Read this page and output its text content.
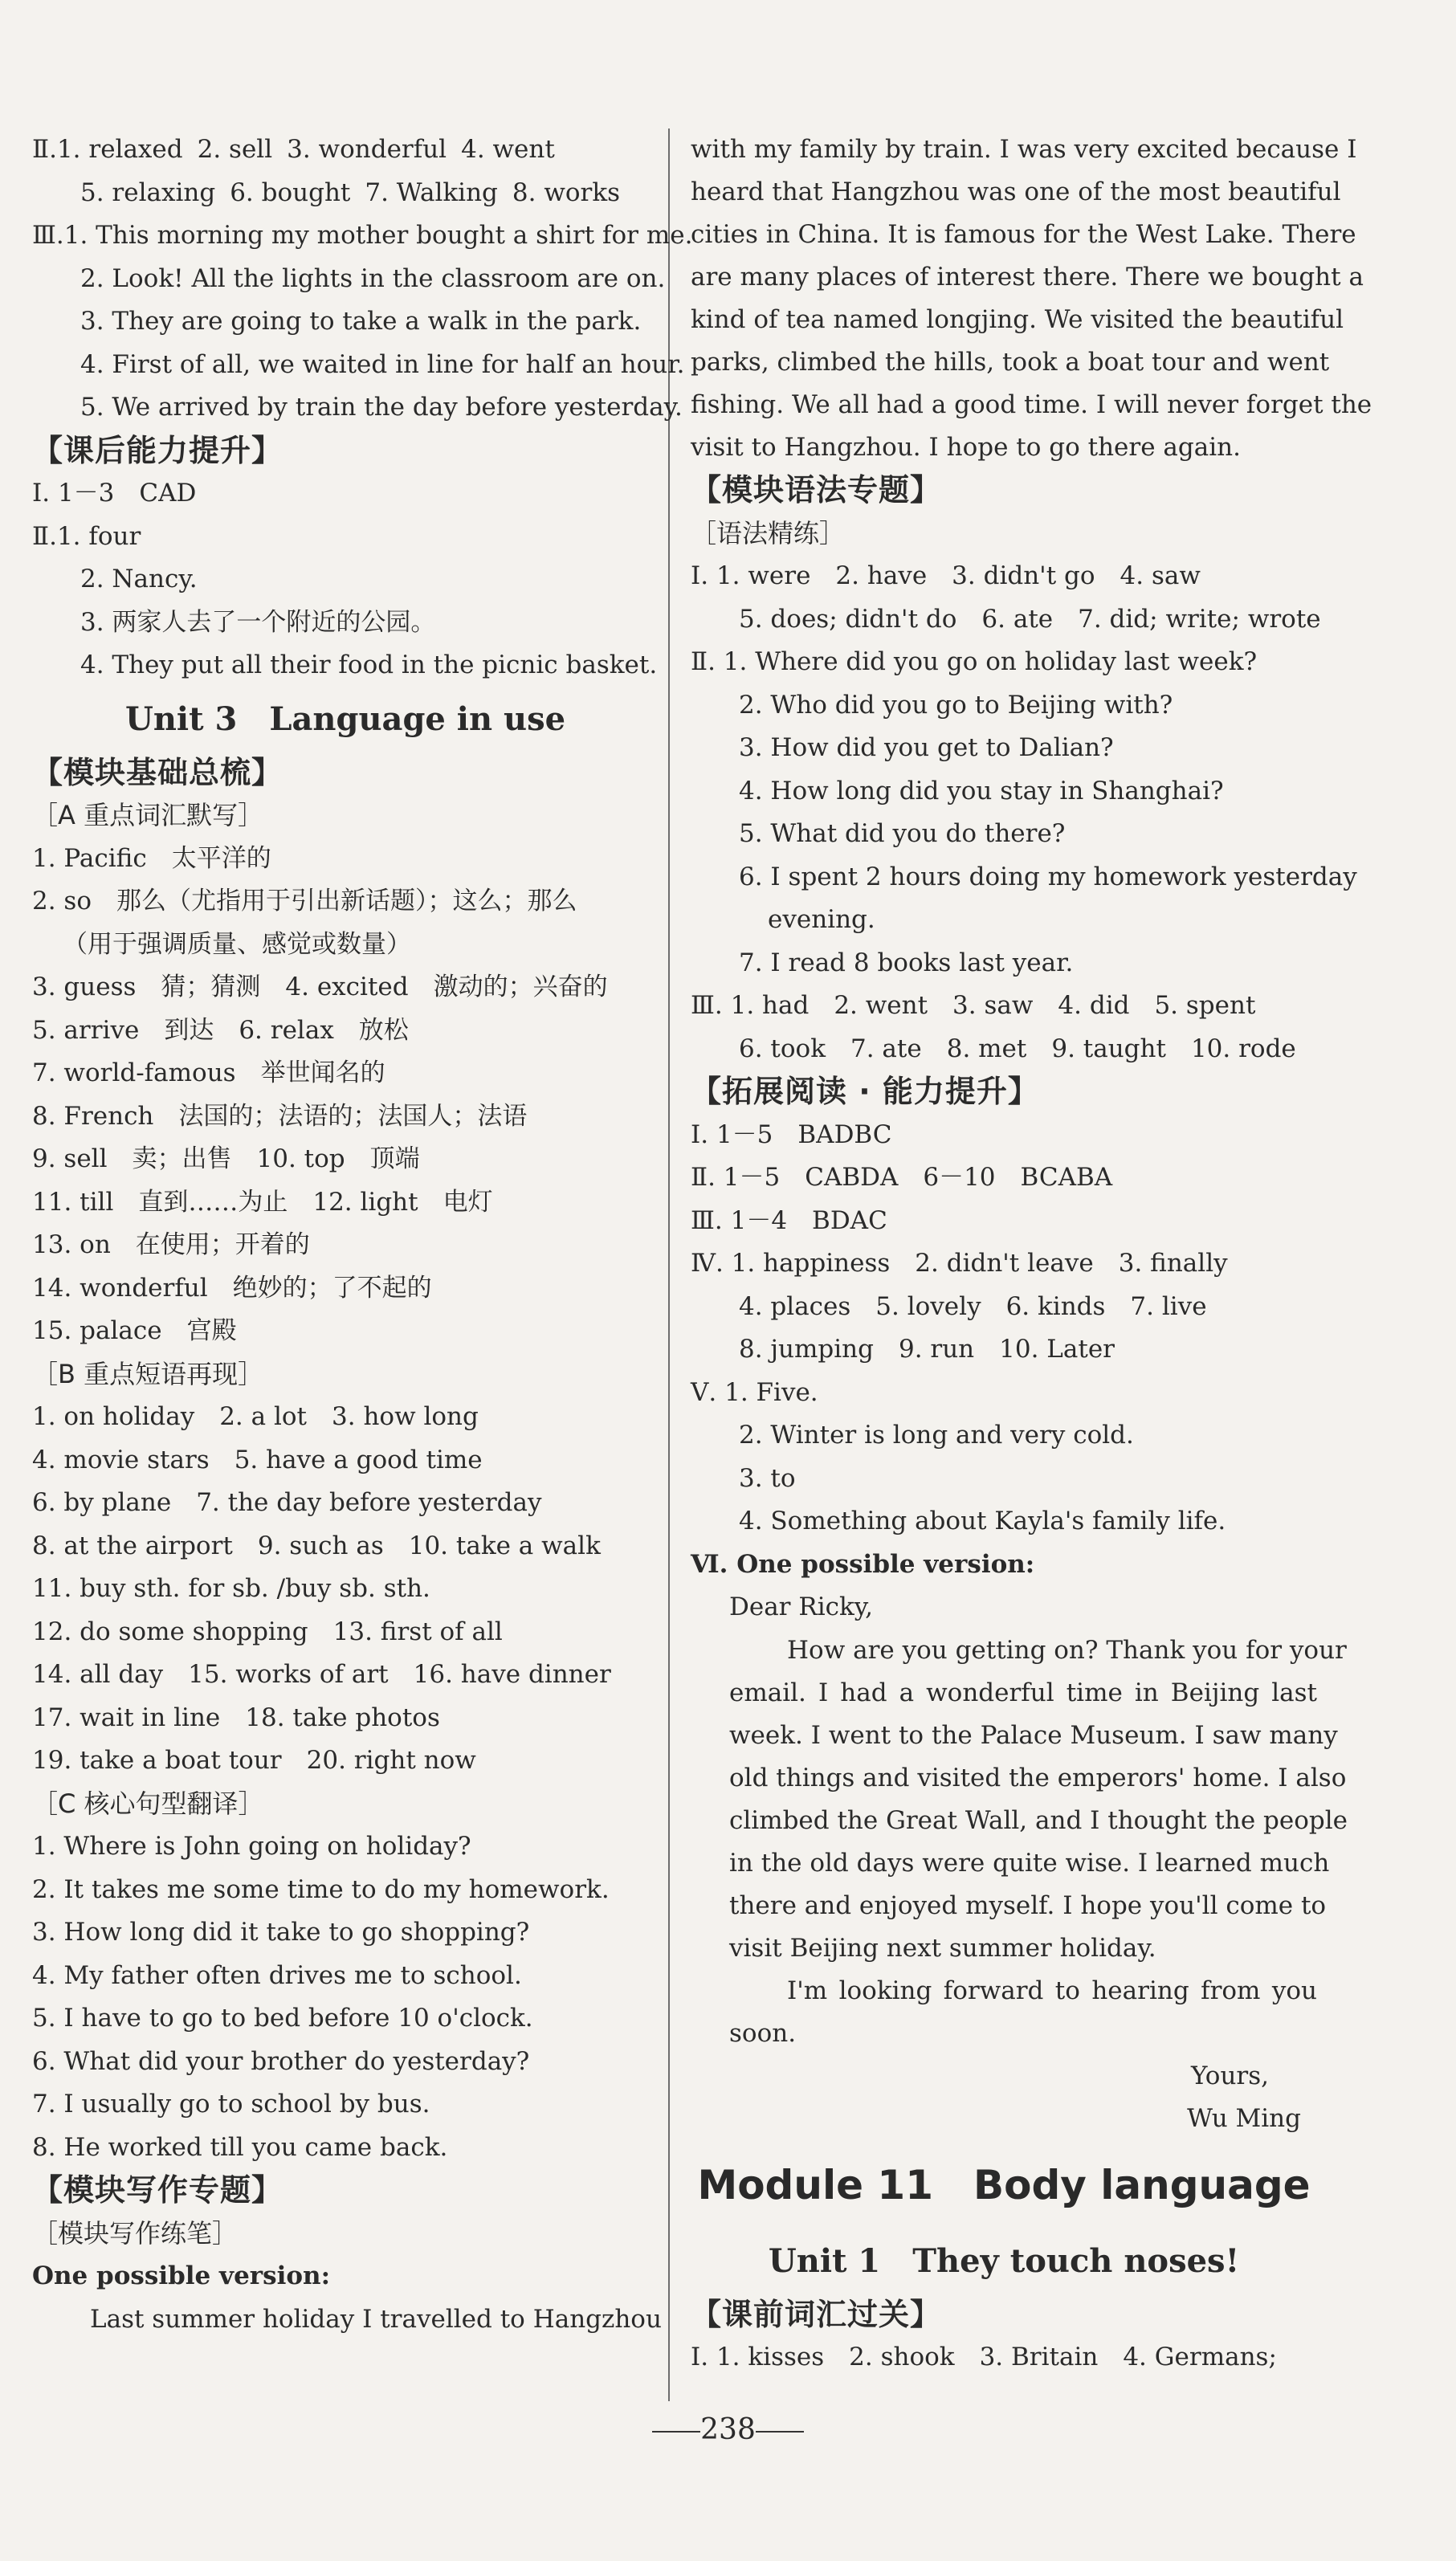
Ⅱ.1. relaxed 2. sell 3. wonderful 4. went
5. relaxing 6. bought 7. Walking 8. works
Ⅲ.1. This morning my mother bought a shirt for me.
2. Look! All the lights in the classroom are on.
3. They are going to take a walk in the park.
4. First of all, we waited in line for half an hour.
5. We arrived by train the day before yesterday.
【课后能力提升】
Ⅰ. 1－3　CAD
Ⅱ.1. four
2. Nancy.
3. 两家人去了一个附近的公园。
4. They put all their food in the picnic basket.
Unit 3　Language in use
【模块基础总梳】
［A 重点词汇默写］
1. Pacific　太平洋的
2. so　那么（尤指用于引出新话题）；这么；那么
（用于强调质量、感觉或数量）
3. guess　猜；猜测　4. excited　激动的；兴奋的
5. arrive　到达　6. relax　放松
7. world-famous　举世闻名的
8. French　法国的；法语的；法国人；法语
9. sell　卖；出售　10. top　顶端
11. till　直到……为止　12. light　电灯
13. on　在使用；开着的
14. wonderful　绝妙的；了不起的
15. palace　宫殿
［B 重点短语再现］
1. on holiday　2. a lot　3. how long
4. movie stars　5. have a good time
6. by plane　7. the day before yesterday
8. at the airport　9. such as　10. take a walk
11. buy sth. for sb. /buy sb. sth.
12. do some shopping　13. first of all
14. all day　15. works of art　16. have dinner
17. wait in line　18. take photos
19. take a boat tour　20. right now
［C 核心句型翻译］
1. Where is John going on holiday?
2. It takes me some time to do my homework.
3. How long did it take to go shopping?
4. My father often drives me to school.
5. I have to go to bed before 10 o'clock.
6. What did your brother do yesterday?
7. I usually go to school by bus.
8. He worked till you came back.
【模块写作专题】
［模块写作练笔］
One possible version:
Last summer holiday I travelled to Hangzhou
with my family by train. I was very excited because I
heard that Hangzhou was one of the most beautiful
cities in China. It is famous for the West Lake. There
are many places of interest there. There we bought a
kind of tea named longjing. We visited the beautiful
parks, climbed the hills, took a boat tour and went
fishing. We all had a good time. I will never forget the
visit to Hangzhou. I hope to go there again.
【模块语法专题】
［语法精练］
Ⅰ. 1. were　2. have　3. didn't go　4. saw
5. does; didn't do　6. ate　7. did; write; wrote
Ⅱ. 1. Where did you go on holiday last week?
2. Who did you go to Beijing with?
3. How did you get to Dalian?
4. How long did you stay in Shanghai?
5. What did you do there?
6. I spent 2 hours doing my homework yesterday
evening.
7. I read 8 books last year.
Ⅲ. 1. had　2. went　3. saw　4. did　5. spent
6. took　7. ate　8. met　9. taught　10. rode
【拓展阅读 · 能力提升】
Ⅰ. 1－5　BADBC
Ⅱ. 1－5　CABDA　6－10　BCABA
Ⅲ. 1－4　BDAC
Ⅳ. 1. happiness　2. didn't leave　3. finally
4. places　5. lovely　6. kinds　7. live
8. jumping　9. run　10. Later
Ⅴ. 1. Five.
2. Winter is long and very cold.
3. to
4. Something about Kayla's family life.
Ⅵ. One possible version:
Dear Ricky,
How are you getting on? Thank you for your
email. I had a wonderful time in Beijing last
week. I went to the Palace Museum. I saw many
old things and visited the emperors' home. I also
climbed the Great Wall, and I thought the people
in the old days were quite wise. I learned much
there and enjoyed myself. I hope you'll come to
visit Beijing next summer holiday.
I'm looking forward to hearing from you
soon.
Yours,
Wu Ming
Module 11　Body language
Unit 1　They touch noses!
【课前词汇过关】
Ⅰ. 1. kisses　2. shook　3. Britain　4. Germans;
238
